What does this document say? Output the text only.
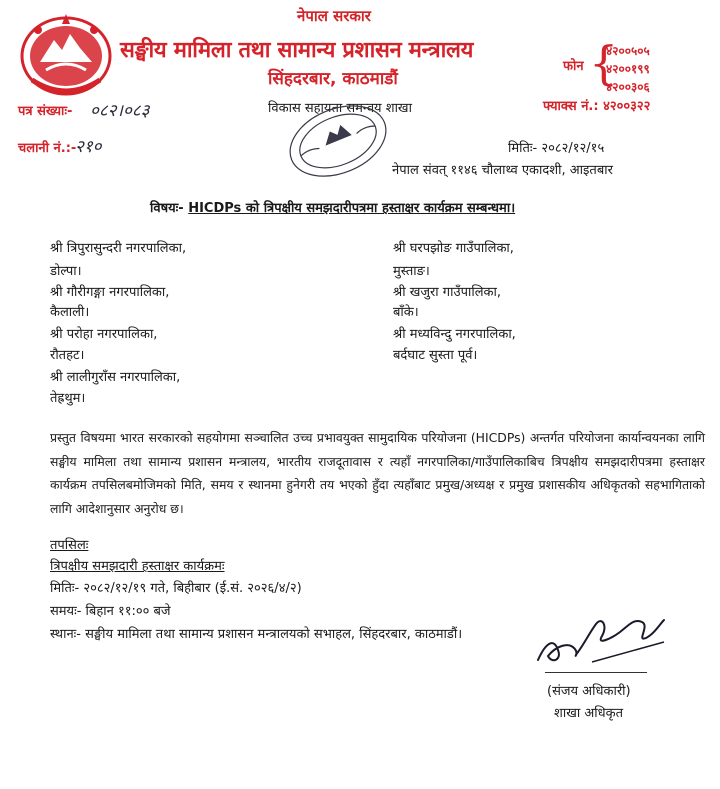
नेपाल सरकार
सङ्घीय मामिला तथा सामान्य प्रशासन मन्त्रालय
सिंहदरबार, काठमाडौं
फोन {
४२००५०५
४२००१९९
४२००३०६
फ्याक्स नं.: ४२००३२२
पत्र संख्याः- ०८२।०८३
चलानी नं.:-
२१०
विकास सहायता समन्वय शाखा
मितिः- २०८२/१२/१५
नेपाल संवत् ११४६ चौलाथ्व एकादशी, आइतबार
विषयः- HICDPs को त्रिपक्षीय समझदारीपत्रमा हस्ताक्षर कार्यक्रम सम्बन्धमा।
श्री त्रिपुरासुन्दरी नगरपालिका,
डोल्पा।
श्री गौरीगङ्गा नगरपालिका,
कैलाली।
श्री परोहा नगरपालिका,
रौतहट।
श्री लालीगुराँस नगरपालिका,
तेह्रथुम।
श्री घरपझोङ गाउँपालिका,
मुस्ताङ।
श्री खजुरा गाउँपालिका,
बाँके।
श्री मध्यविन्दु नगरपालिका,
बर्दघाट सुस्ता पूर्व।
प्रस्तुत विषयमा भारत सरकारको सहयोगमा सञ्चालित उच्च प्रभावयुक्त सामुदायिक परियोजना (HICDPs) अन्तर्गत परियोजना कार्यान्वयनका लागि सङ्घीय मामिला तथा सामान्य प्रशासन मन्त्रालय, भारतीय राजदूतावास र त्यहाँ नगरपालिका/गाउँपालिकाबिच त्रिपक्षीय समझदारीपत्रमा हस्ताक्षर कार्यक्रम तपसिलबमोजिमको मिति, समय र स्थानमा हुनेगरी तय भएको हुँदा त्यहाँबाट प्रमुख/अध्यक्ष र प्रमुख प्रशासकीय अधिकृतको सहभागिताको लागि आदेशानुसार अनुरोध छ।
तपसिलः
त्रिपक्षीय समझदारी हस्ताक्षर कार्यक्रमः
मितिः- २०८२/१२/१९ गते, बिहीबार (ई.सं. २०२६/४/२)
समयः- बिहान ११:०० बजे
स्थानः- सङ्घीय मामिला तथा सामान्य प्रशासन मन्त्रालयको सभाहल, सिंहदरबार, काठमाडौं।
(संजय अधिकारी)
शाखा अधिकृत
